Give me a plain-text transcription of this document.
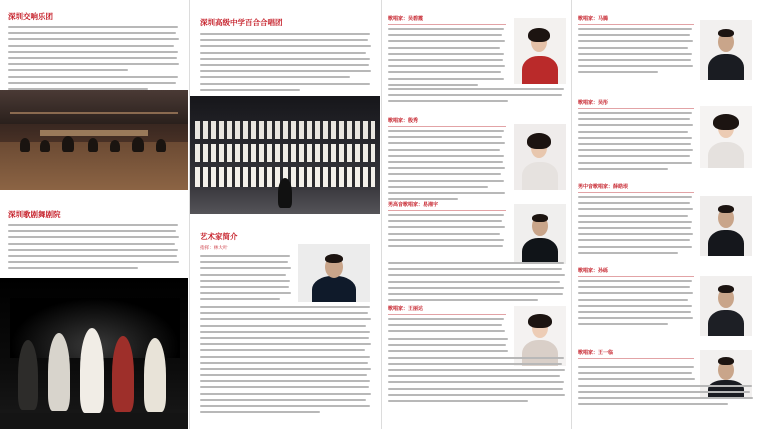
深圳交响乐团
深圳歌剧舞剧院
深圳高级中学百合合唱团
艺术家简介
指挥：林大叶
歌唱家：吴碧霞
歌唱家：殷秀
男高音歌唱家：易湘宇
歌唱家：王丽达
歌唱家：马腾
歌唱家：吴彤
男中音歌唱家：薛皓垠
歌唱家：孙砾
歌唱家：王一临
